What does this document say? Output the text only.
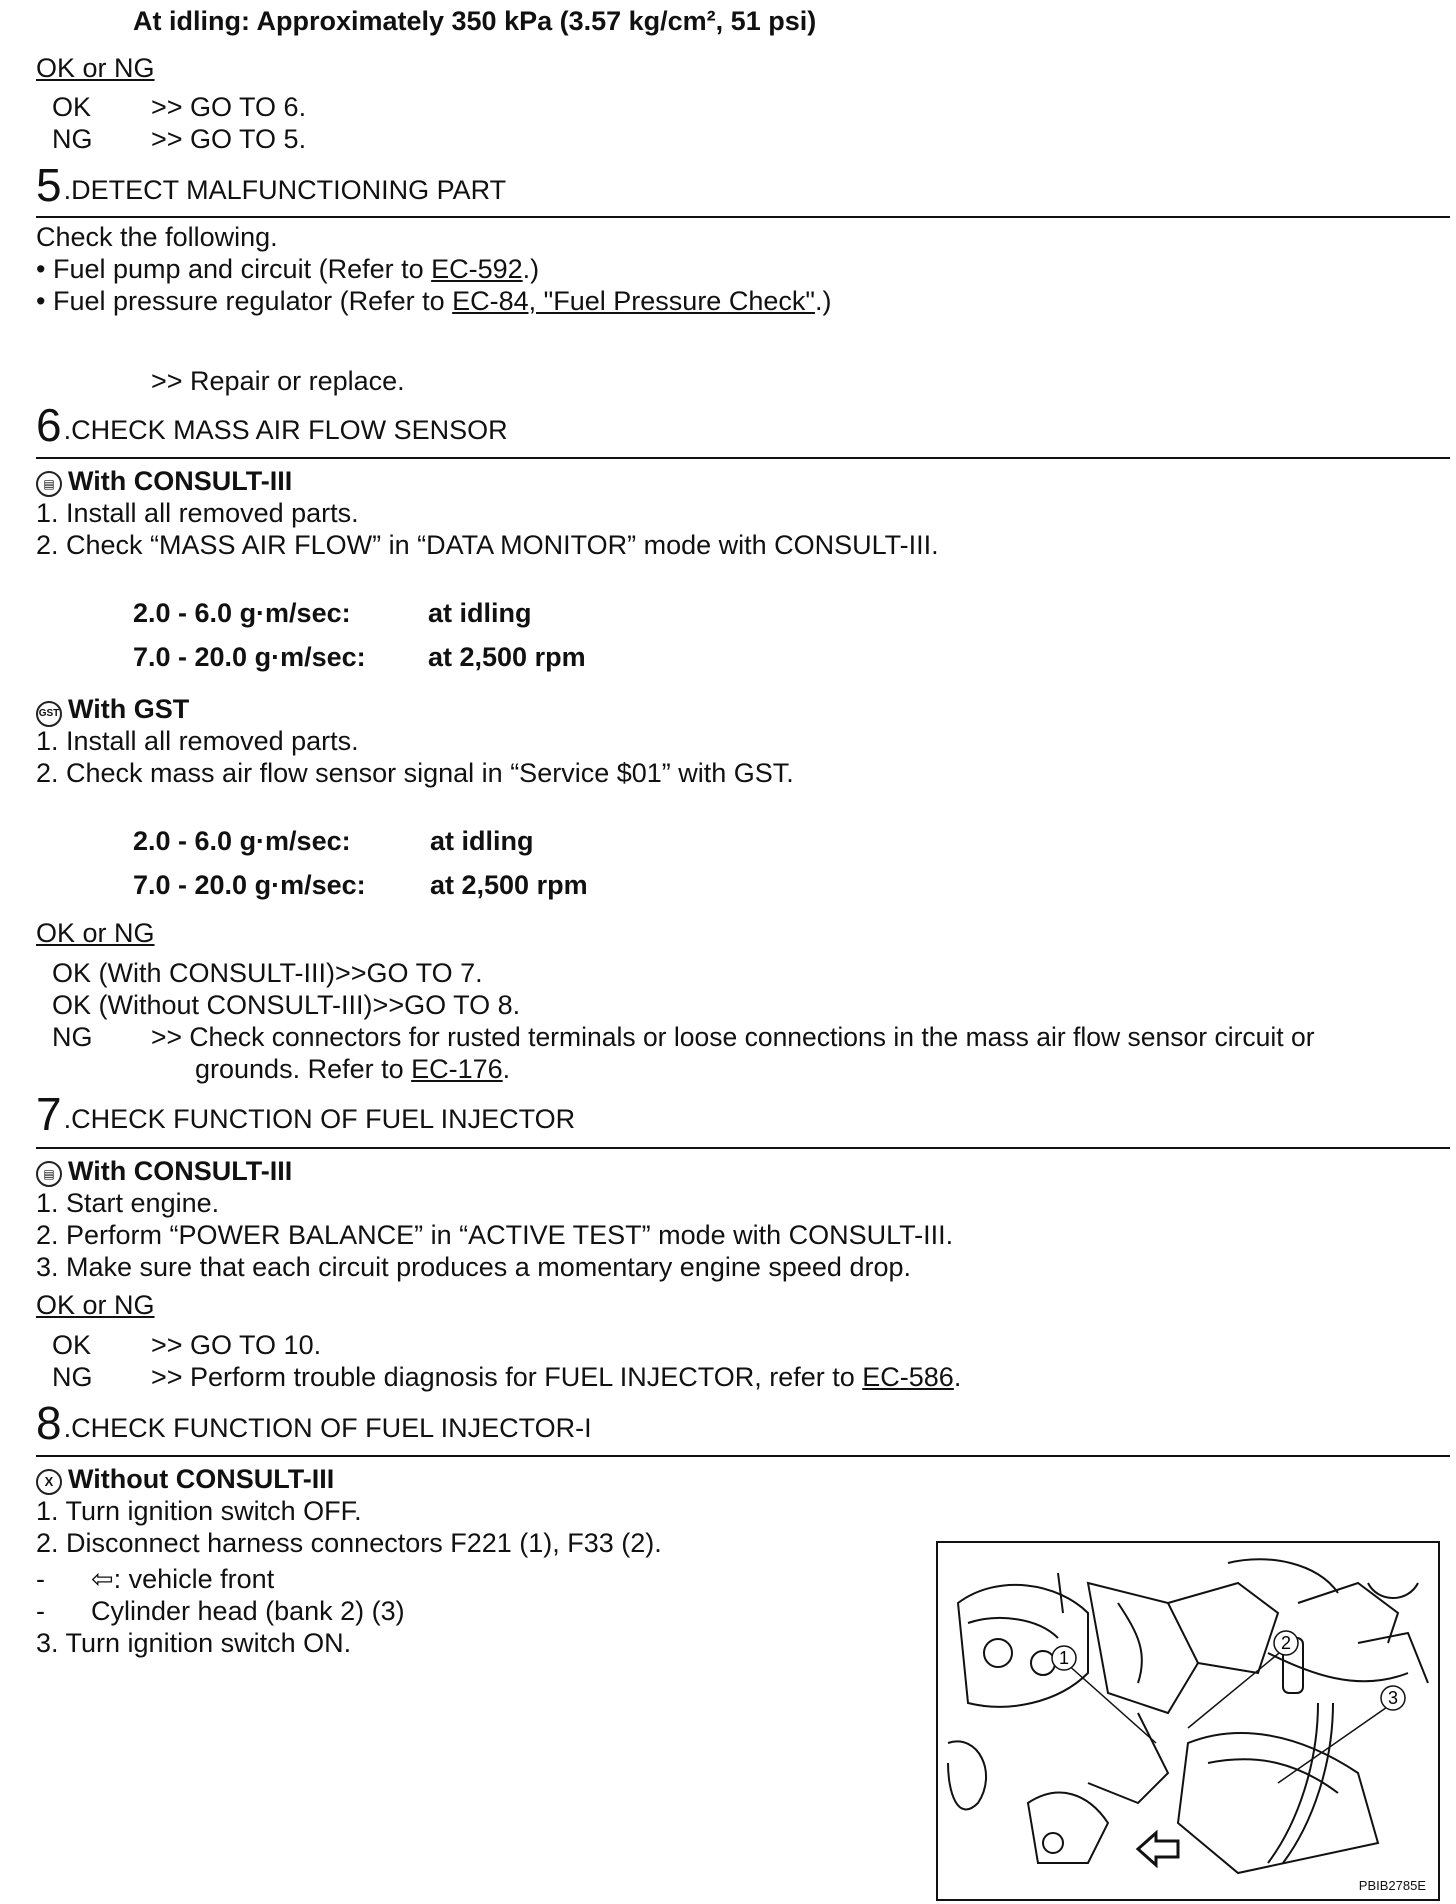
At idling: Approximately 350 kPa (3.57 kg/cm², 51 psi)
OK or NG
OK >> GO TO 6.
NG >> GO TO 5.
5.DETECT MALFUNCTIONING PART
Check the following.
• Fuel pump and circuit (Refer to EC-592.)
• Fuel pressure regulator (Refer to EC-84, "Fuel Pressure Check".)
>> Repair or replace.
6.CHECK MASS AIR FLOW SENSOR
▤ With CONSULT-III
1. Install all removed parts.
2. Check “MASS AIR FLOW” in “DATA MONITOR” mode with CONSULT-III.
2.0 - 6.0 g·m/sec:	at idling
7.0 - 20.0 g·m/sec: at 2,500 rpm
GST With GST
1. Install all removed parts.
2. Check mass air flow sensor signal in “Service $01” with GST.
2.0 - 6.0 g·m/sec:	at idling
7.0 - 20.0 g·m/sec: at 2,500 rpm
OK or NG
OK (With CONSULT-III)>>GO TO 7.
OK (Without CONSULT-III)>>GO TO 8.
NG >> Check connectors for rusted terminals or loose connections in the mass air flow sensor circuit or
grounds. Refer to EC-176.
7.CHECK FUNCTION OF FUEL INJECTOR
▤ With CONSULT-III
1. Start engine.
2. Perform “POWER BALANCE” in “ACTIVE TEST” mode with CONSULT-III.
3. Make sure that each circuit produces a momentary engine speed drop.
OK or NG
OK >> GO TO 10.
NG >> Perform trouble diagnosis for FUEL INJECTOR, refer to EC-586.
8.CHECK FUNCTION OF FUEL INJECTOR-I
X Without CONSULT-III
1. Turn ignition switch OFF.
2. Disconnect harness connectors F221 (1), F33 (2).
- ⇦: vehicle front
- Cylinder head (bank 2) (3)
3. Turn ignition switch ON.	1
2
3
PBIB2785E
